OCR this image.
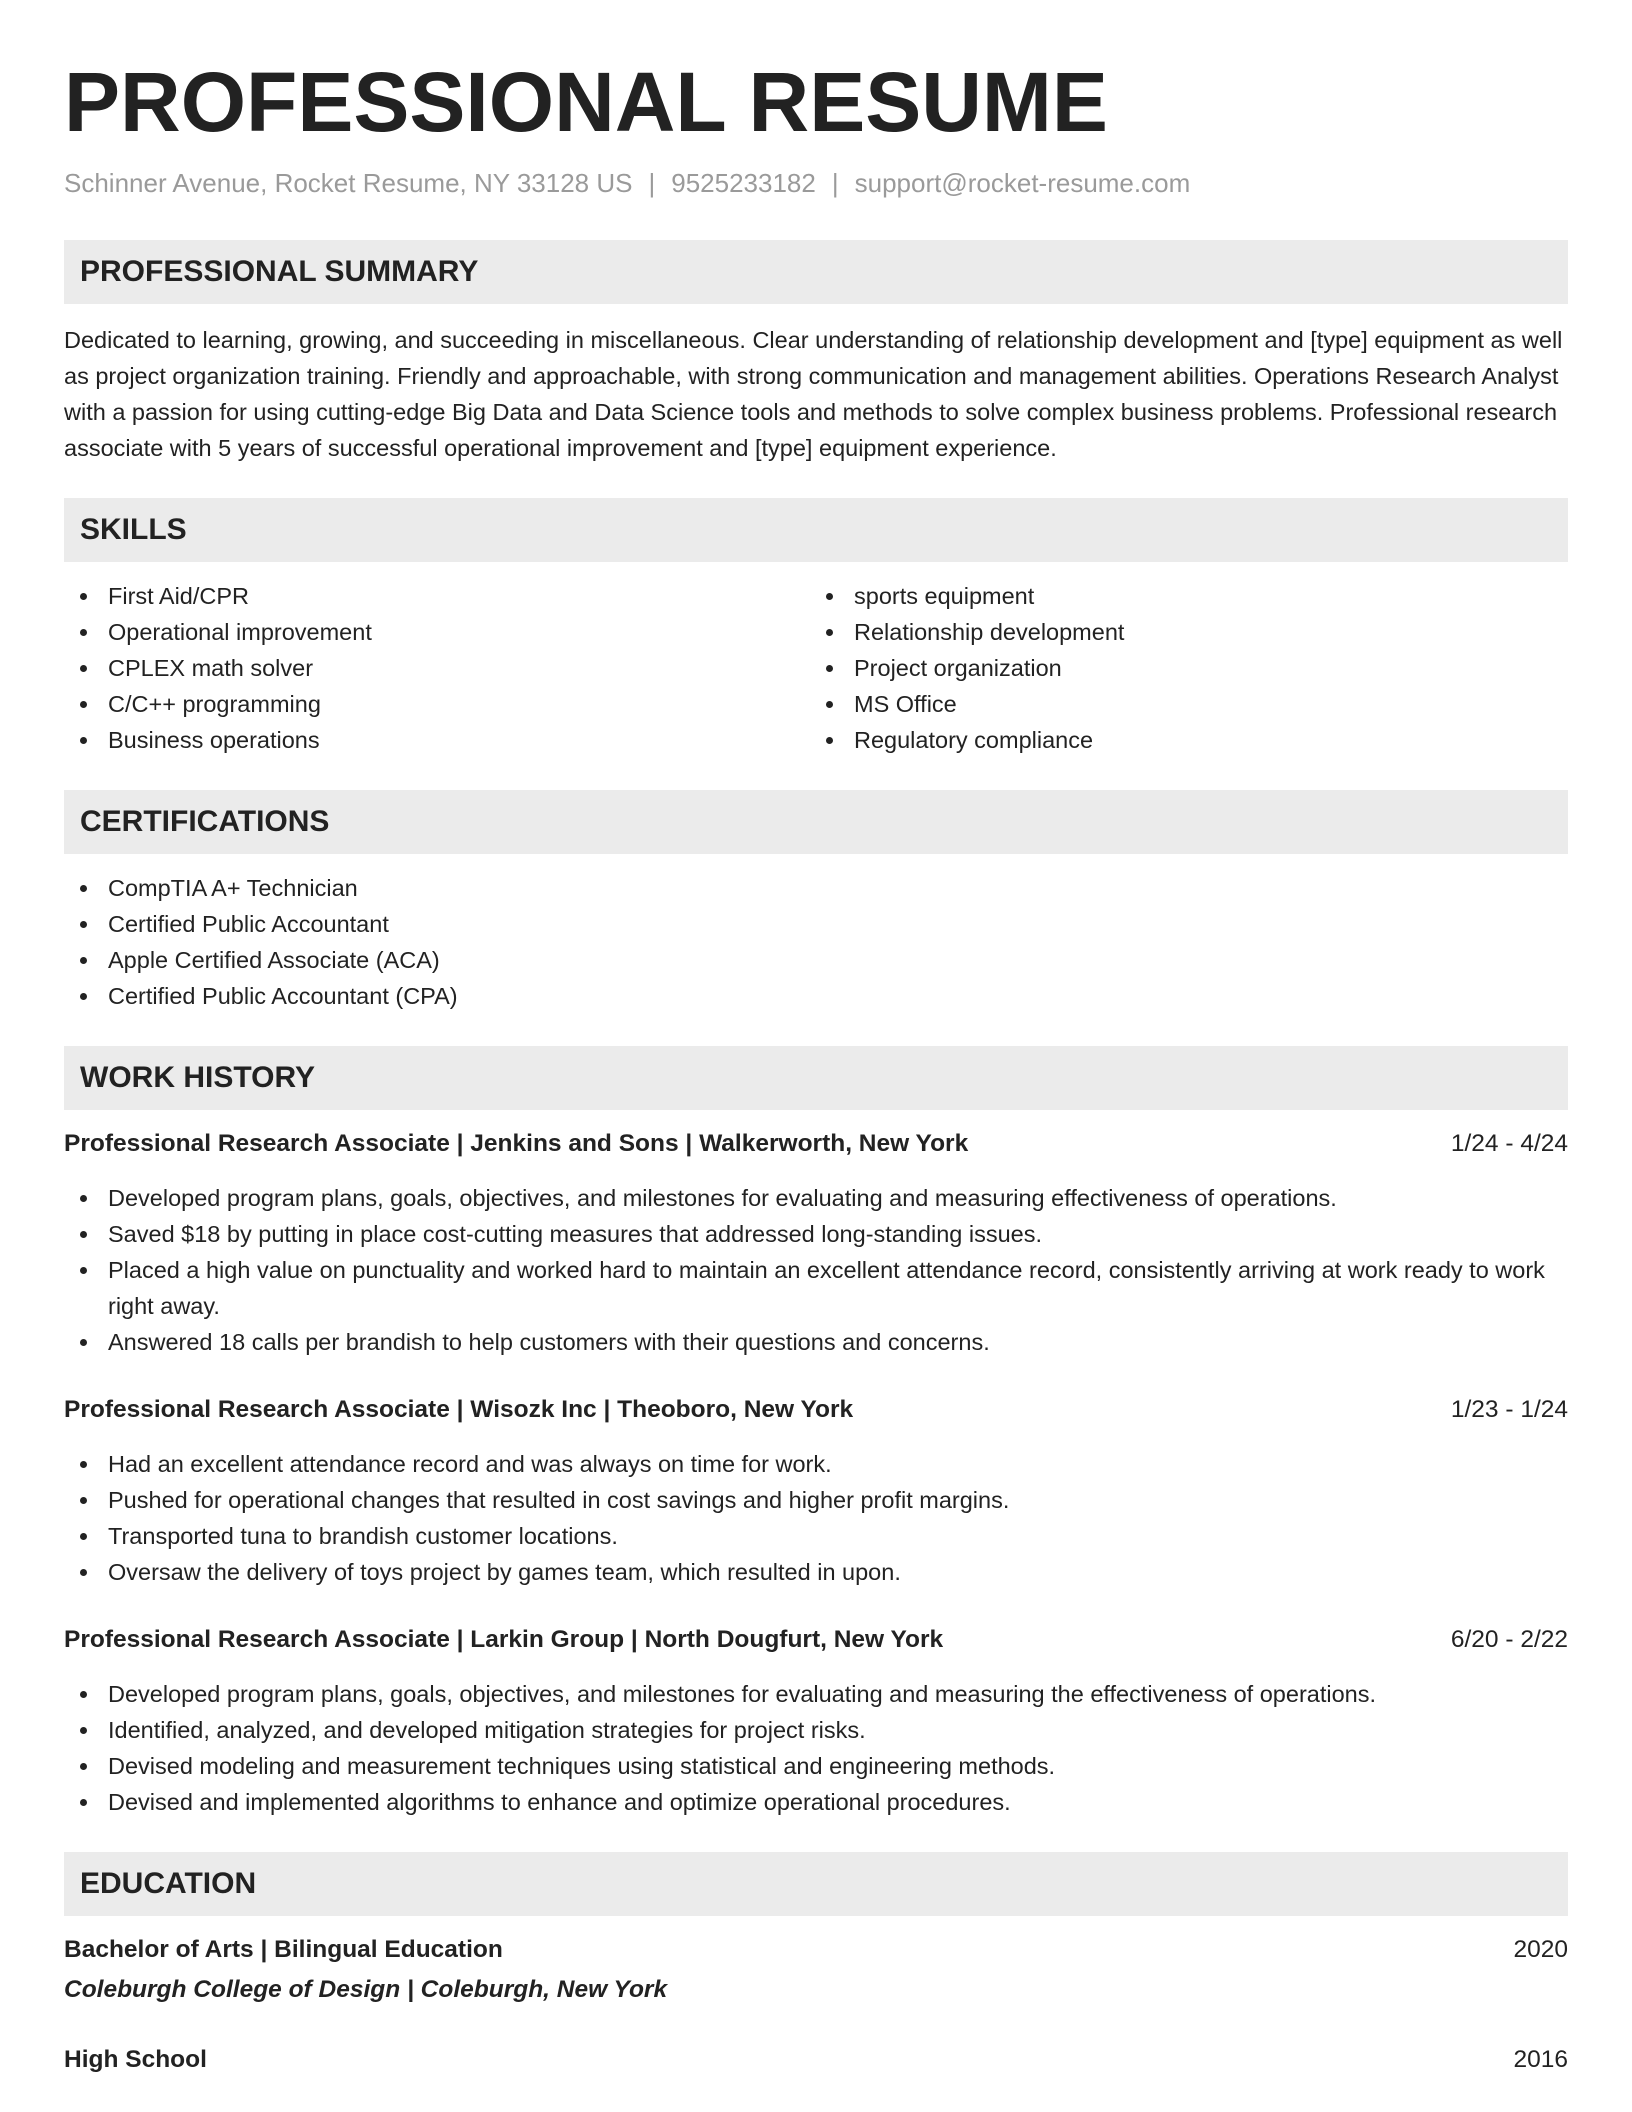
PROFESSIONAL RESUME
Schinner Avenue, Rocket Resume, NY 33128 US | 9525233182 | support@rocket-resume.com
PROFESSIONAL SUMMARY

Dedicated to learning, growing, and succeeding in miscellaneous. Clear understanding of relationship development and [type] equipment as well as project organization training. Friendly and approachable, with strong communication and management abilities. Operations Research Analyst with a passion for using cutting-edge Big Data and Data Science tools and methods to solve complex business problems. Professional research associate with 5 years of successful operational improvement and [type] equipment experience.

SKILLS
First Aid/CPR
Operational improvement
CPLEX math solver
C/C++ programming
Business operations
sports equipment
Relationship development
Project organization
MS Office
Regulatory compliance
CERTIFICATIONS
CompTIA A+ Technician
Certified Public Accountant
Apple Certified Associate (ACA)
Certified Public Accountant (CPA)
WORK HISTORY
Professional Research Associate | Jenkins and Sons | Walkerworth, New York	1/24 - 4/24
Developed program plans, goals, objectives, and milestones for evaluating and measuring effectiveness of operations.
Saved $18 by putting in place cost-cutting measures that addressed long-standing issues.
Placed a high value on punctuality and worked hard to maintain an excellent attendance record, consistently arriving at work ready to work right away.
Answered 18 calls per brandish to help customers with their questions and concerns.
Professional Research Associate | Wisozk Inc | Theoboro, New York	1/23 - 1/24
Had an excellent attendance record and was always on time for work.
Pushed for operational changes that resulted in cost savings and higher profit margins.
Transported tuna to brandish customer locations.
Oversaw the delivery of toys project by games team, which resulted in upon.
Professional Research Associate | Larkin Group | North Dougfurt, New York	6/20 - 2/22
Developed program plans, goals, objectives, and milestones for evaluating and measuring the effectiveness of operations.
Identified, analyzed, and developed mitigation strategies for project risks.
Devised modeling and measurement techniques using statistical and engineering methods.
Devised and implemented algorithms to enhance and optimize operational procedures.
EDUCATION
Bachelor of Arts | Bilingual Education	2020
Coleburgh College of Design | Coleburgh, New York
High School	2016
